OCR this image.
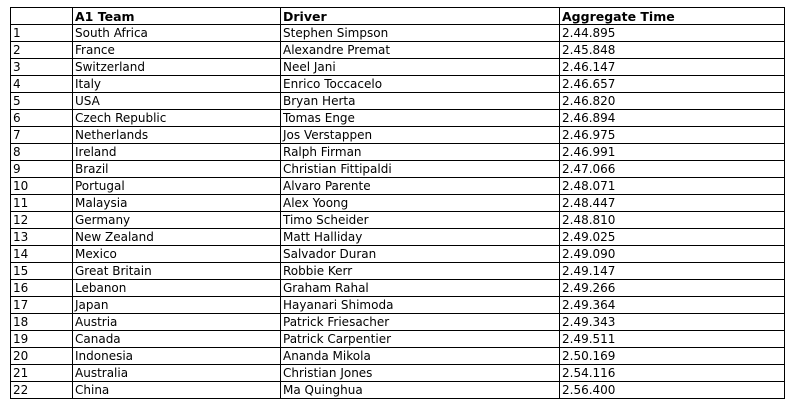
	A1 Team	Driver	Aggregate Time
1	South Africa	Stephen Simpson	2.44.895
2	France	Alexandre Premat	2.45.848
3	Switzerland	Neel Jani	2.46.147
4	Italy	Enrico Toccacelo	2.46.657
5	USA	Bryan Herta	2.46.820
6	Czech Republic	Tomas Enge	2.46.894
7	Netherlands	Jos Verstappen	2.46.975
8	Ireland	Ralph Firman	2.46.991
9	Brazil	Christian Fittipaldi	2.47.066
10	Portugal	Alvaro Parente	2.48.071
11	Malaysia	Alex Yoong	2.48.447
12	Germany	Timo Scheider	2.48.810
13	New Zealand	Matt Halliday	2.49.025
14	Mexico	Salvador Duran	2.49.090
15	Great Britain	Robbie Kerr	2.49.147
16	Lebanon	Graham Rahal	2.49.266
17	Japan	Hayanari Shimoda	2.49.364
18	Austria	Patrick Friesacher	2.49.343
19	Canada	Patrick Carpentier	2.49.511
20	Indonesia	Ananda Mikola	2.50.169
21	Australia	Christian Jones	2.54.116
22	China	Ma Quinghua	2.56.400
